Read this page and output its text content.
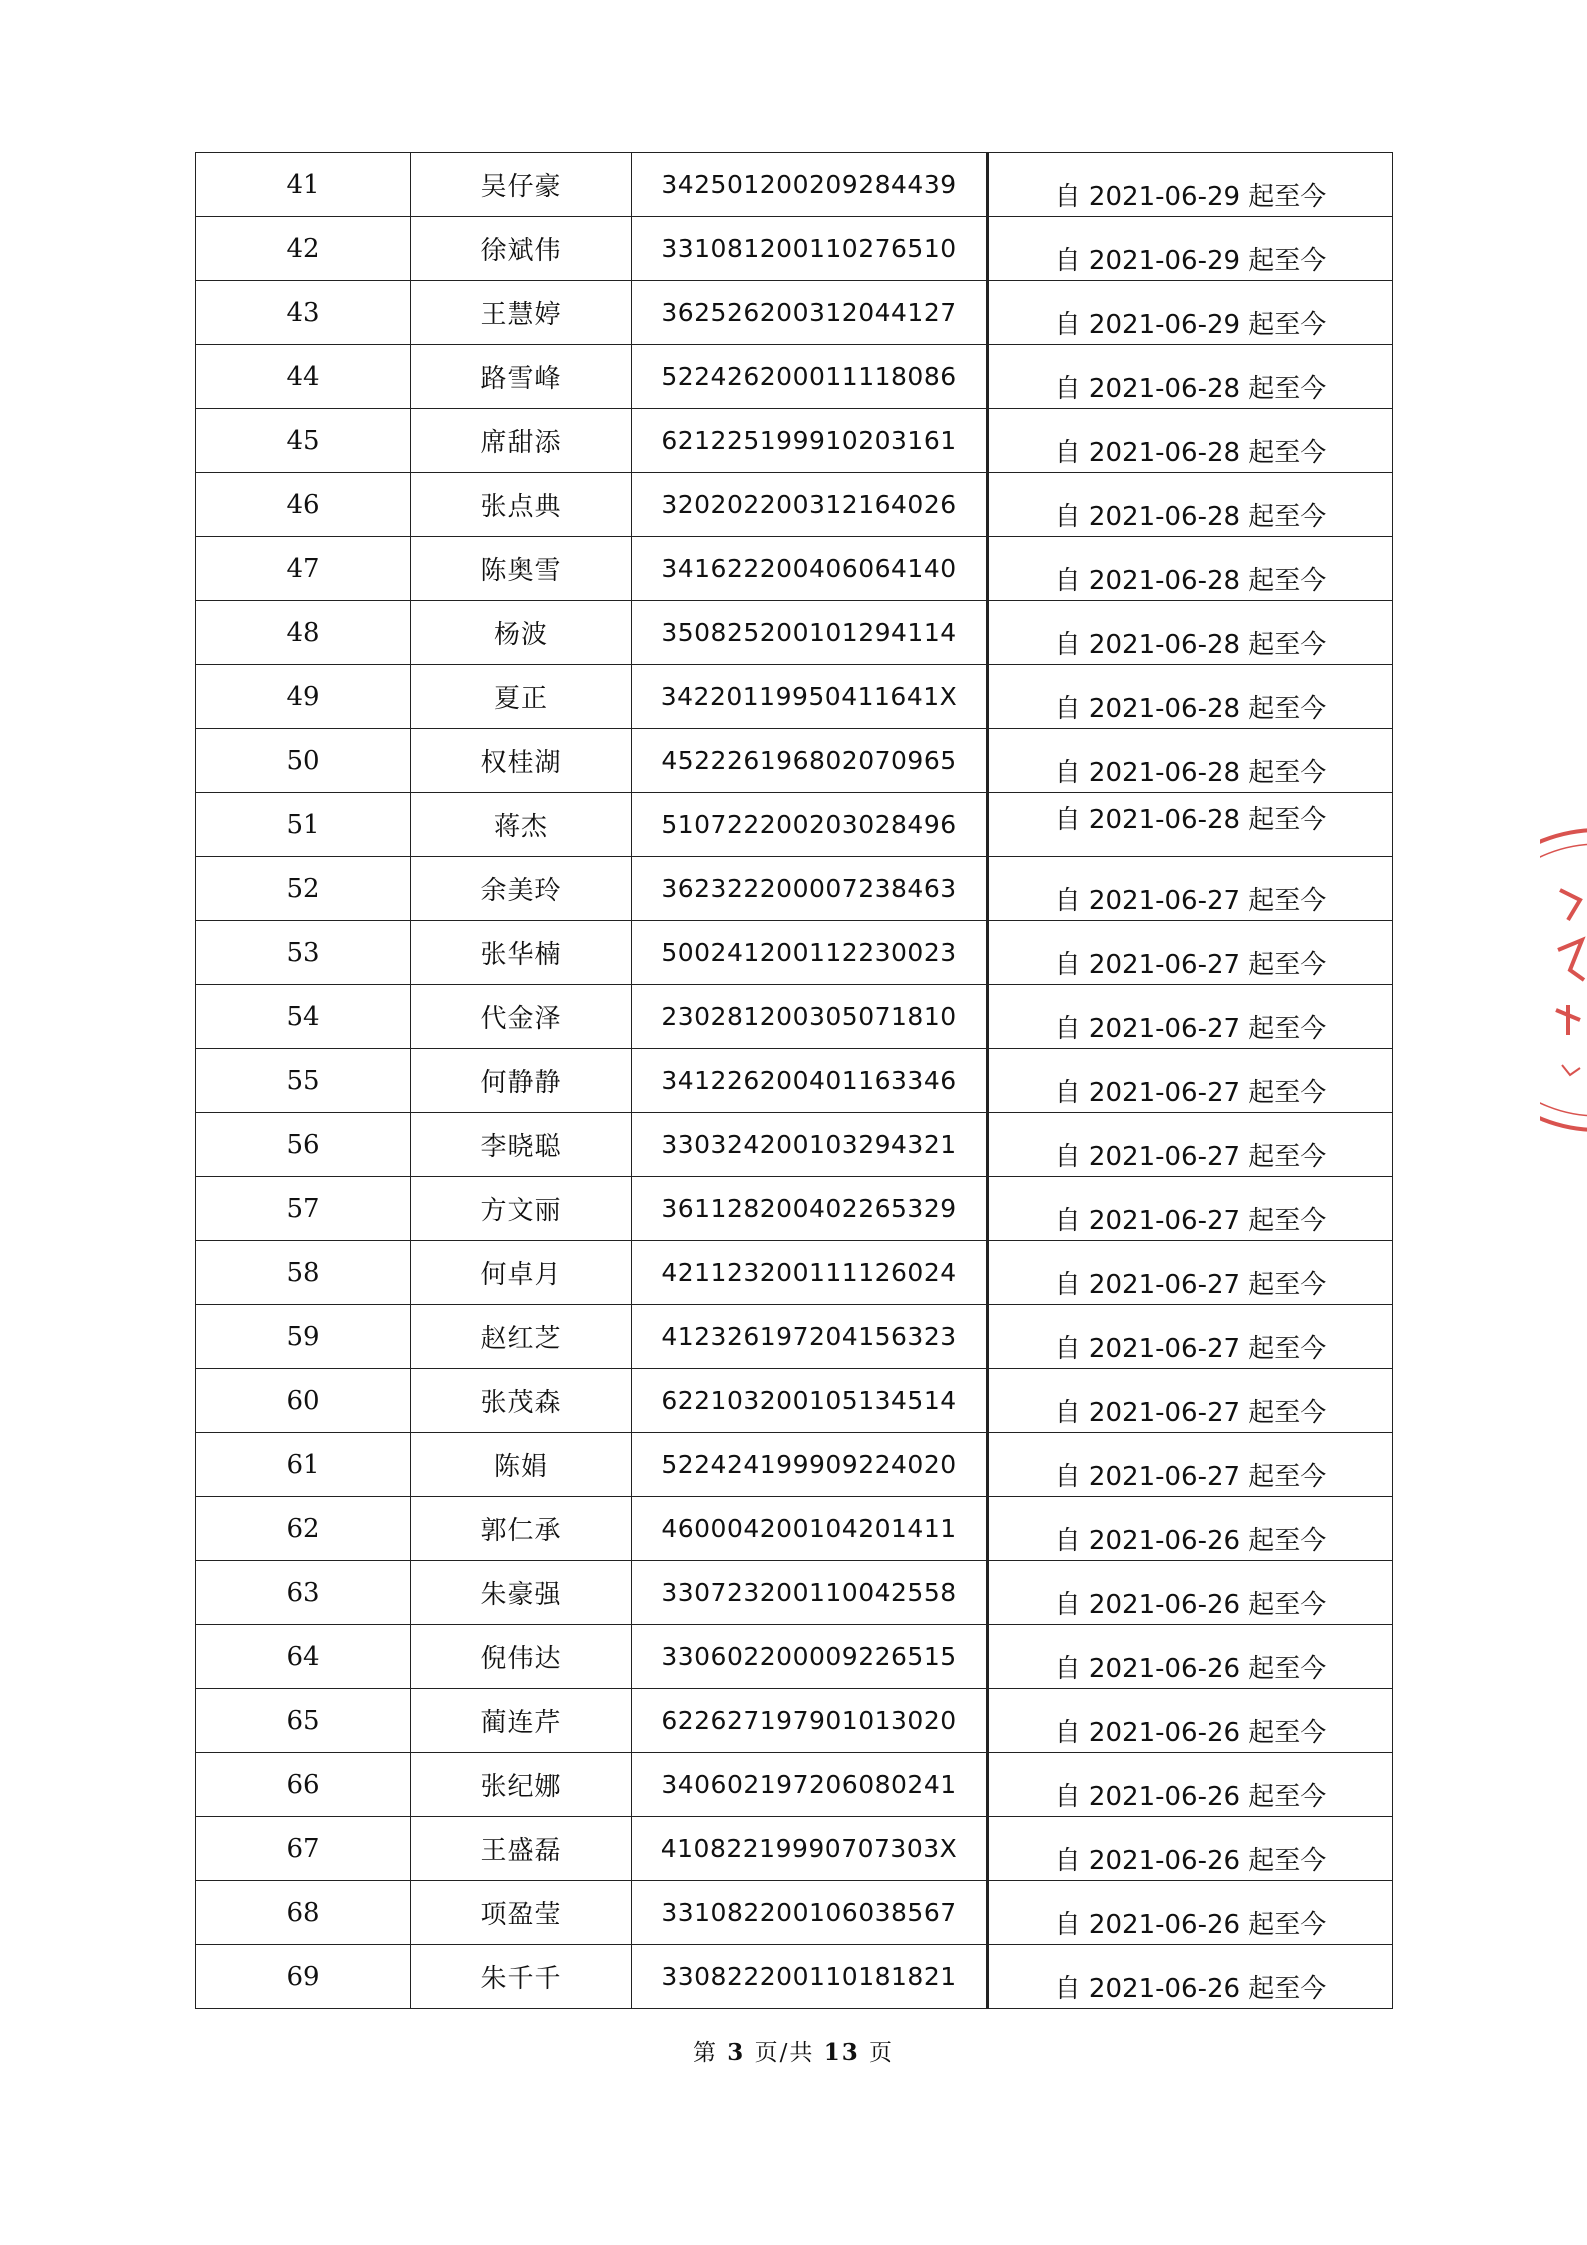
41	吴仔豪	342501200209284439	自 2021-06-29 起至今
42	徐斌伟	331081200110276510	自 2021-06-29 起至今
43	王慧婷	362526200312044127	自 2021-06-29 起至今
44	路雪峰	522426200011118086	自 2021-06-28 起至今
45	席甜添	621225199910203161	自 2021-06-28 起至今
46	张点典	320202200312164026	自 2021-06-28 起至今
47	陈奥雪	341622200406064140	自 2021-06-28 起至今
48	杨波	350825200101294114	自 2021-06-28 起至今
49	夏正	34220119950411641X	自 2021-06-28 起至今
50	权桂湖	452226196802070965	自 2021-06-28 起至今
51	蒋杰	510722200203028496	自 2021-06-28 起至今
52	余美玲	362322200007238463	自 2021-06-27 起至今
53	张华楠	500241200112230023	自 2021-06-27 起至今
54	代金泽	230281200305071810	自 2021-06-27 起至今
55	何静静	341226200401163346	自 2021-06-27 起至今
56	李晓聪	330324200103294321	自 2021-06-27 起至今
57	方文丽	361128200402265329	自 2021-06-27 起至今
58	何卓月	421123200111126024	自 2021-06-27 起至今
59	赵红芝	412326197204156323	自 2021-06-27 起至今
60	张茂森	622103200105134514	自 2021-06-27 起至今
61	陈娟	522424199909224020	自 2021-06-27 起至今
62	郭仁承	460004200104201411	自 2021-06-26 起至今
63	朱豪强	330723200110042558	自 2021-06-26 起至今
64	倪伟达	330602200009226515	自 2021-06-26 起至今
65	蔺连芹	622627197901013020	自 2021-06-26 起至今
66	张纪娜	340602197206080241	自 2021-06-26 起至今
67	王盛磊	41082219990707303X	自 2021-06-26 起至今
68	项盈莹	331082200106038567	自 2021-06-26 起至今
69	朱千千	330822200110181821	自 2021-06-26 起至今
第 3 页/共 13 页
